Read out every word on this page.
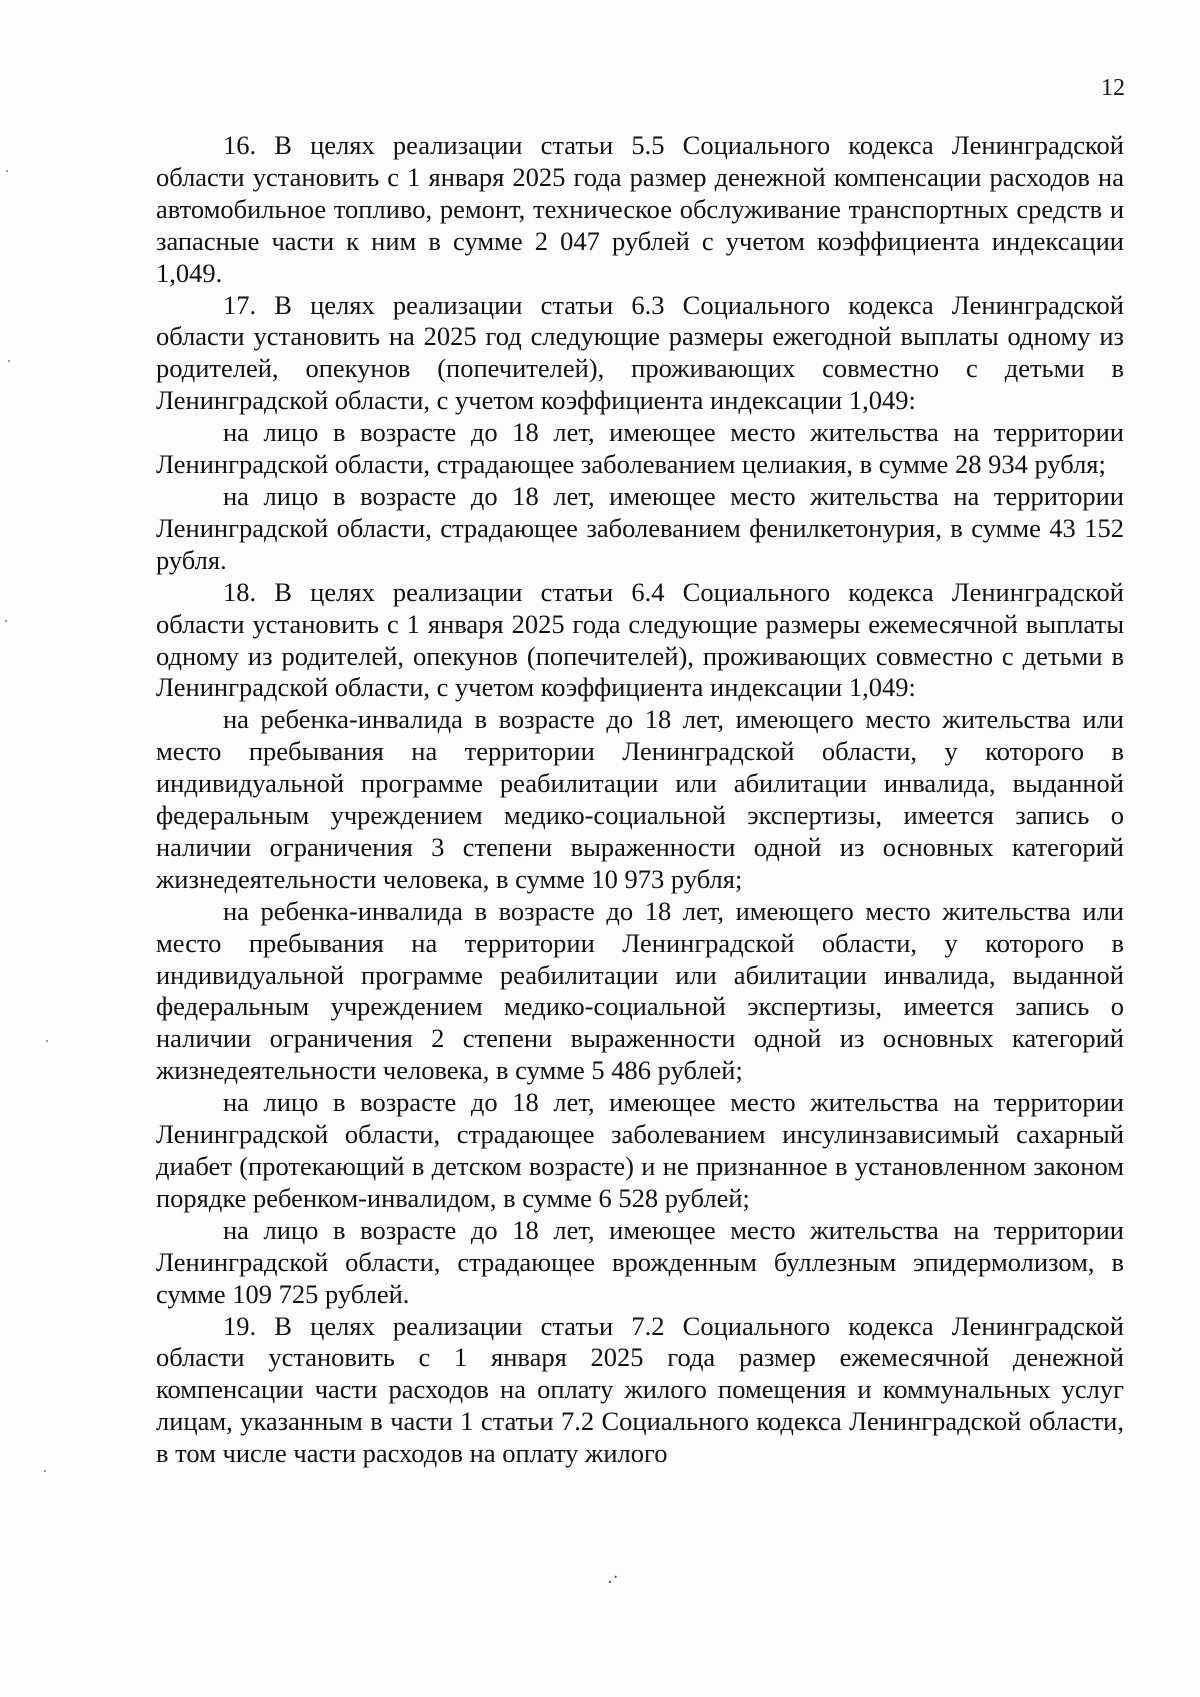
12

16. В целях реализации статьи 5.5 Социального кодекса Ленинградской области установить с 1 января 2025 года размер денежной компенсации расходов на автомобильное топливо, ремонт, техническое обслуживание транспортных средств и запасные части к ним в сумме 2 047 рублей с учетом коэффициента индексации 1,049.

17. В целях реализации статьи 6.3 Социального кодекса Ленинградской области установить на 2025 год следующие размеры ежегодной выплаты одному из родителей, опекунов (попечителей), проживающих совместно с детьми в Ленинградской области, с учетом коэффициента индексации 1,049:

на лицо в возрасте до 18 лет, имеющее место жительства на территории Ленинградской области, страдающее заболеванием целиакия, в сумме 28 934 рубля;

на лицо в возрасте до 18 лет, имеющее место жительства на территории Ленинградской области, страдающее заболеванием фенилкетонурия, в сумме 43 152 рубля.

18. В целях реализации статьи 6.4 Социального кодекса Ленинградской области установить с 1 января 2025 года следующие размеры ежемесячной выплаты одному из родителей, опекунов (попечителей), проживающих совместно с детьми в Ленинградской области, с учетом коэффициента индексации 1,049:

на ребенка-инвалида в возрасте до 18 лет, имеющего место жительства или место пребывания на территории Ленинградской области, у которого в индивидуальной программе реабилитации или абилитации инвалида, выданной федеральным учреждением медико-социальной экспертизы, имеется запись о наличии ограничения 3 степени выраженности одной из основных категорий жизнедеятельности человека, в сумме 10 973 рубля;

на ребенка-инвалида в возрасте до 18 лет, имеющего место жительства или место пребывания на территории Ленинградской области, у которого в индивидуальной программе реабилитации или абилитации инвалида, выданной федеральным учреждением медико-социальной экспертизы, имеется запись о наличии ограничения 2 степени выраженности одной из основных категорий жизнедеятельности человека, в сумме 5 486 рублей;

на лицо в возрасте до 18 лет, имеющее место жительства на территории Ленинградской области, страдающее заболеванием инсулинзависимый сахарный диабет (протекающий в детском возрасте) и не признанное в установленном законом порядке ребенком-инвалидом, в сумме 6 528 рублей;

на лицо в возрасте до 18 лет, имеющее место жительства на территории Ленинградской области, страдающее врожденным буллезным эпидермолизом, в сумме 109 725 рублей.

19. В целях реализации статьи 7.2 Социального кодекса Ленинградской области установить с 1 января 2025 года размер ежемесячной денежной компенсации части расходов на оплату жилого помещения и коммунальных услуг лицам, указанным в части 1 статьи 7.2 Социального кодекса Ленинградской области, в том числе части расходов на оплату жилого

.·
